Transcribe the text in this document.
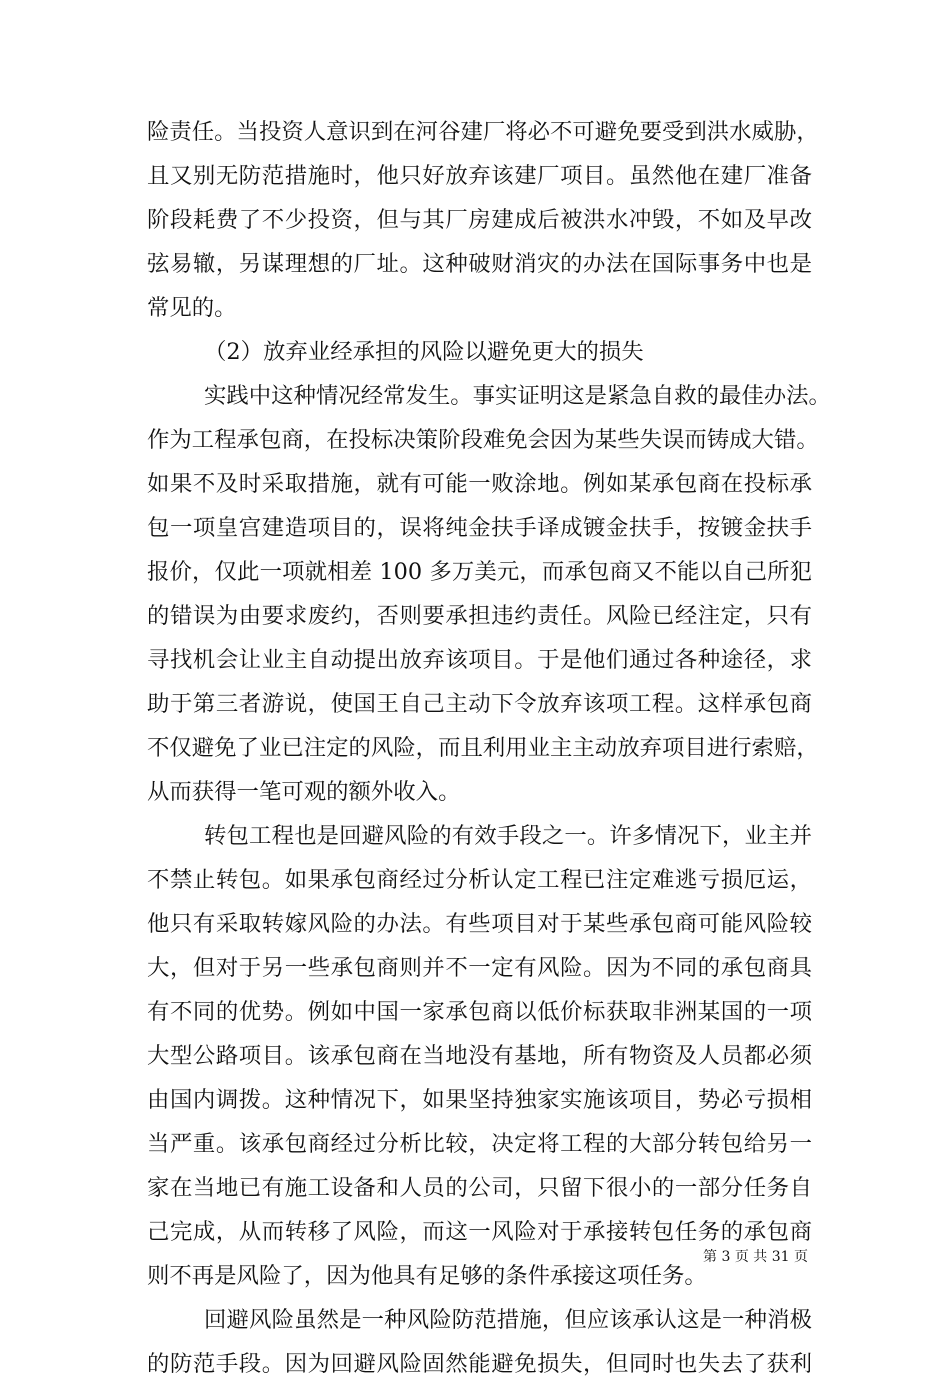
险责任。当投资人意识到在河谷建厂将必不可避免要受到洪水威胁，
且又别无防范措施时，他只好放弃该建厂项目。虽然他在建厂准备
阶段耗费了不少投资，但与其厂房建成后被洪水冲毁，不如及早改
弦易辙，另谋理想的厂址。这种破财消灾的办法在国际事务中也是
常见的。
（2）放弃业经承担的风险以避免更大的损失
实践中这种情况经常发生。事实证明这是紧急自救的最佳办法。
作为工程承包商，在投标决策阶段难免会因为某些失误而铸成大错。
如果不及时采取措施，就有可能一败涂地。例如某承包商在投标承
包一项皇宫建造项目的，误将纯金扶手译成镀金扶手，按镀金扶手
报价，仅此一项就相差 100 多万美元，而承包商又不能以自己所犯
的错误为由要求废约，否则要承担违约责任。风险已经注定，只有
寻找机会让业主自动提出放弃该项目。于是他们通过各种途径，求
助于第三者游说，使国王自己主动下令放弃该项工程。这样承包商
不仅避免了业已注定的风险，而且利用业主主动放弃项目进行索赔，
从而获得一笔可观的额外收入。
转包工程也是回避风险的有效手段之一。许多情况下，业主并
不禁止转包。如果承包商经过分析认定工程已注定难逃亏损厄运，
他只有采取转嫁风险的办法。有些项目对于某些承包商可能风险较
大，但对于另一些承包商则并不一定有风险。因为不同的承包商具
有不同的优势。例如中国一家承包商以低价标获取非洲某国的一项
大型公路项目。该承包商在当地没有基地，所有物资及人员都必须
由国内调拨。这种情况下，如果坚持独家实施该项目，势必亏损相
当严重。该承包商经过分析比较，决定将工程的大部分转包给另一
家在当地已有施工设备和人员的公司，只留下很小的一部分任务自
己完成，从而转移了风险，而这一风险对于承接转包任务的承包商
则不再是风险了，因为他具有足够的条件承接这项任务。
回避风险虽然是一种风险防范措施，但应该承认这是一种消极
的防范手段。因为回避风险固然能避免损失，但同时也失去了获利
第 3 页 共 31 页
